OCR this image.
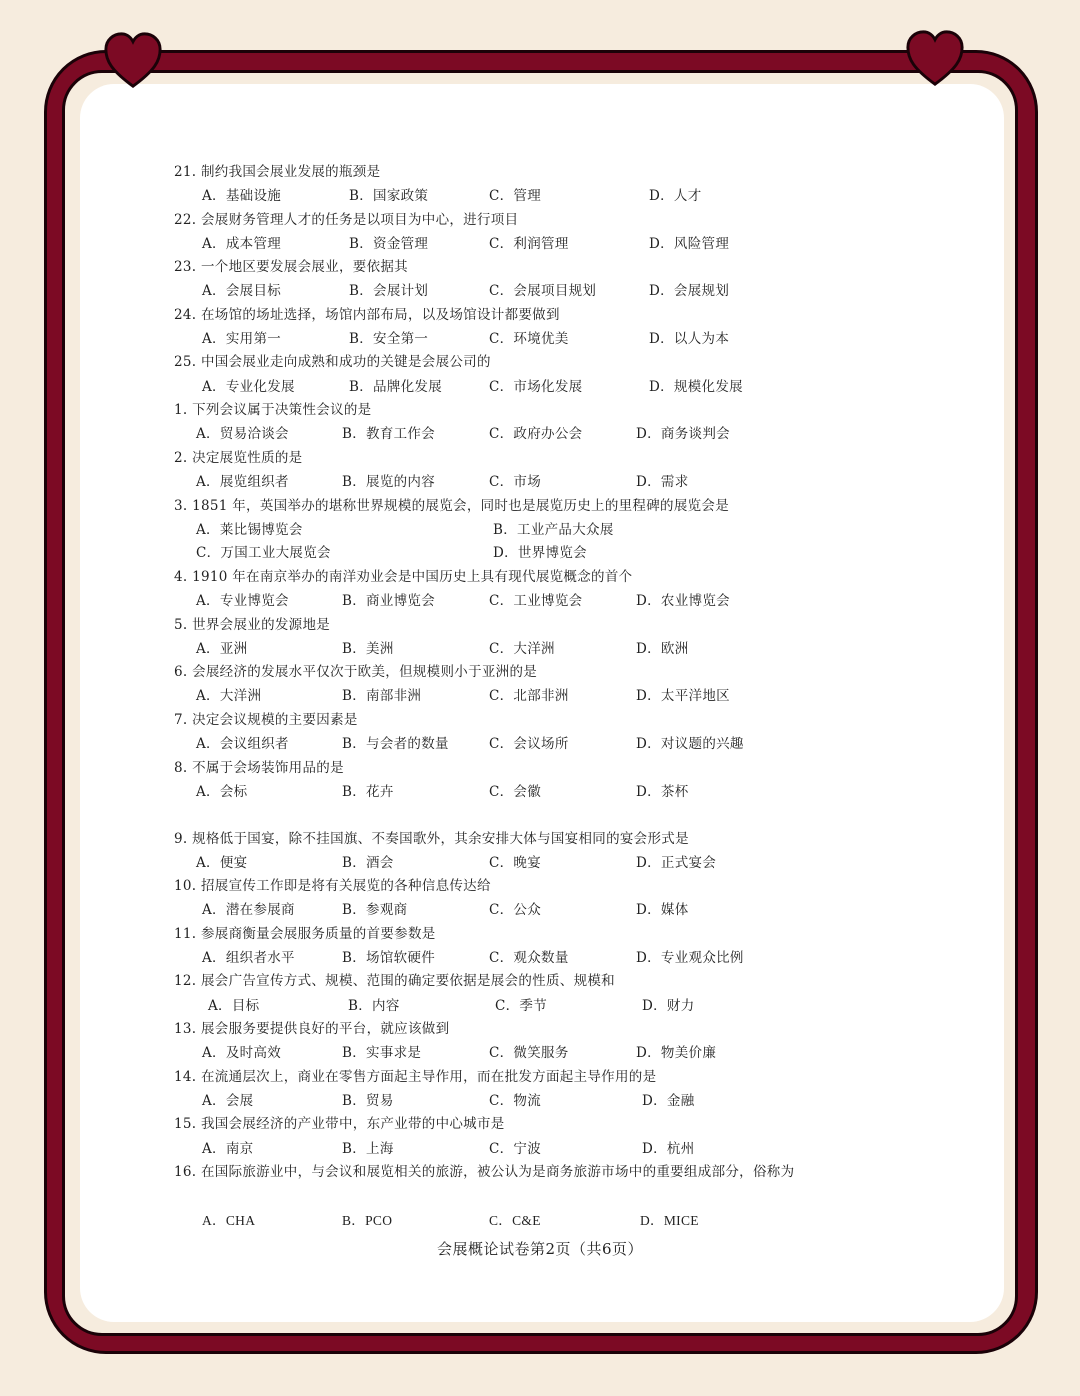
21. 制约我国会展业发展的瓶颈是
A．基础设施	B．国家政策	C．管理	D．人才
22. 会展财务管理人才的任务是以项目为中心，进行项目
A．成本管理	B．资金管理	C．利润管理	D．风险管理
23. 一个地区要发展会展业，要依据其
A．会展目标	B．会展计划	C．会展项目规划	D．会展规划
24. 在场馆的场址选择，场馆内部布局，以及场馆设计都要做到
A．实用第一	B．安全第一	C．环境优美	D．以人为本
25. 中国会展业走向成熟和成功的关键是会展公司的
A．专业化发展	B．品牌化发展	C．市场化发展	D．规模化发展
1. 下列会议属于决策性会议的是
A．贸易洽谈会	B．教育工作会	C．政府办公会	D．商务谈判会
2. 决定展览性质的是
A．展览组织者	B．展览的内容	C．市场	D．需求
3. 1851 年，英国举办的堪称世界规模的展览会，同时也是展览历史上的里程碑的展览会是
A．莱比锡博览会	B．工业产品大众展
C．万国工业大展览会	D．世界博览会
4. 1910 年在南京举办的南洋劝业会是中国历史上具有现代展览概念的首个
A．专业博览会	B．商业博览会	C．工业博览会	D．农业博览会
5. 世界会展业的发源地是
A．亚洲	B．美洲	C．大洋洲	D．欧洲
6. 会展经济的发展水平仅次于欧美，但规模则小于亚洲的是
A．大洋洲	B．南部非洲	C．北部非洲	D．太平洋地区
7. 决定会议规模的主要因素是
A．会议组织者	B．与会者的数量	C．会议场所	D．对议题的兴趣
8. 不属于会场装饰用品的是
A．会标	B．花卉	C．会徽	D．茶杯
9. 规格低于国宴，除不挂国旗、不奏国歌外，其余安排大体与国宴相同的宴会形式是
A．便宴	B．酒会	C．晚宴	D．正式宴会
10. 招展宣传工作即是将有关展览的各种信息传达给
A．潜在参展商	B．参观商	C．公众	D．媒体
11. 参展商衡量会展服务质量的首要参数是
A．组织者水平	B．场馆软硬件	C．观众数量	D．专业观众比例
12. 展会广告宣传方式、规模、范围的确定要依据是展会的性质、规模和
A．目标	B．内容	C．季节	D．财力
13. 展会服务要提供良好的平台，就应该做到
A．及时高效	B．实事求是	C．微笑服务	D．物美价廉
14. 在流通层次上，商业在零售方面起主导作用，而在批发方面起主导作用的是
A．会展	B．贸易	C．物流	D．金融
15. 我国会展经济的产业带中，东产业带的中心城市是
A．南京	B．上海	C．宁波	D．杭州
16. 在国际旅游业中，与会议和展览相关的旅游，被公认为是商务旅游市场中的重要组成部分，俗称为
A．CHA	B．PCO	C．C&E	D．MICE
会展概论试卷第2页（共6页）
